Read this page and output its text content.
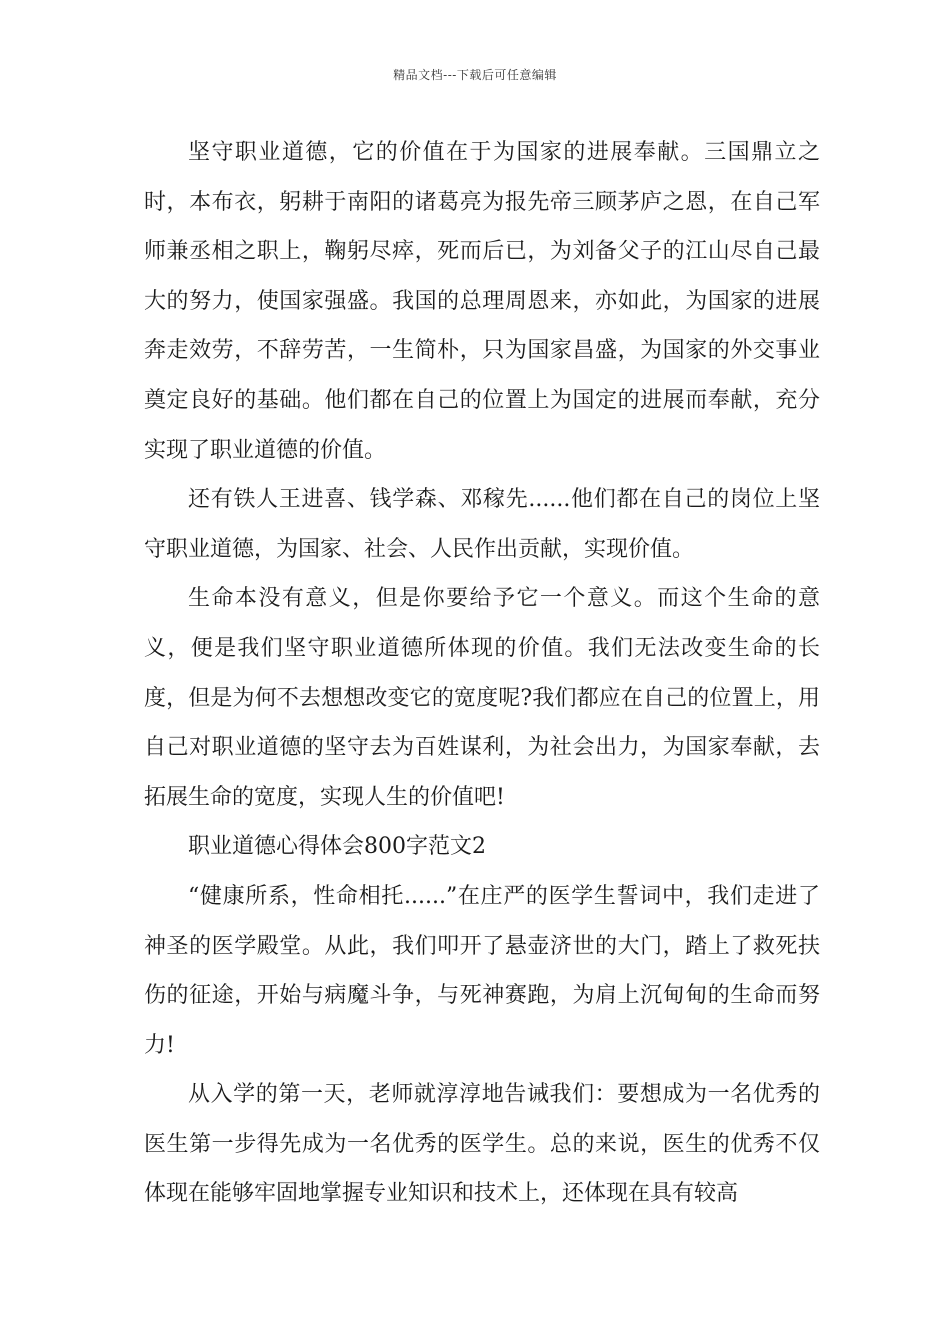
精品文档---下载后可任意编辑

坚守职业道德，它的价值在于为国家的进展奉献。三国鼎立之时，本布衣，躬耕于南阳的诸葛亮为报先帝三顾茅庐之恩，在自己军师兼丞相之职上，鞠躬尽瘁，死而后已，为刘备父子的江山尽自己最大的努力，使国家强盛。我国的总理周恩来，亦如此，为国家的进展奔走效劳，不辞劳苦，一生简朴，只为国家昌盛，为国家的外交事业奠定良好的基础。他们都在自己的位置上为国定的进展而奉献，充分实现了职业道德的价值。

还有铁人王进喜、钱学森、邓稼先......他们都在自己的岗位上坚守职业道德，为国家、社会、人民作出贡献，实现价值。

生命本没有意义，但是你要给予它一个意义。而这个生命的意义，便是我们坚守职业道德所体现的价值。我们无法改变生命的长度，但是为何不去想想改变它的宽度呢?我们都应在自己的位置上，用自己对职业道德的坚守去为百姓谋利，为社会出力，为国家奉献，去拓展生命的宽度，实现人生的价值吧!

职业道德心得体会800字范文2

“健康所系，性命相托......”在庄严的医学生誓词中，我们走进了神圣的医学殿堂。从此，我们叩开了悬壶济世的大门，踏上了救死扶伤的征途，开始与病魔斗争，与死神赛跑，为肩上沉甸甸的生命而努力!

从入学的第一天，老师就淳淳地告诫我们：要想成为一名优秀的医生第一步得先成为一名优秀的医学生。总的来说，医生的优秀不仅体现在能够牢固地掌握专业知识和技术上，还体现在具有较高
